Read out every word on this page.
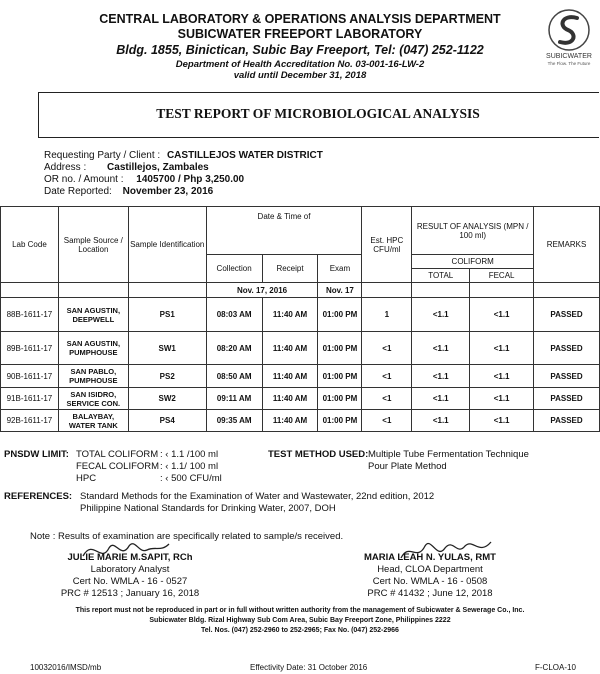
CENTRAL LABORATORY & OPERATIONS ANALYSIS DEPARTMENT
SUBICWATER FREEPORT LABORATORY
Bldg. 1855, Binictican, Subic Bay Freeport, Tel: (047) 252-1122
Department of Health Accreditation No. 03-001-16-LW-2
valid until December 31, 2018
SUBICWATER
The Flow. The Future
TEST REPORT OF MICROBIOLOGICAL ANALYSIS
Requesting Party / Client : CASTILLEJOS WATER DISTRICT
Address : Castillejos, Zambales
OR no. / Amount : 1405700 / Php 3,250.00
Date Reported: November 23, 2016
Lab Code	Sample Source / Location	Sample Identification	Date & Time of			Est. HPC CFU/ml	RESULT OF ANALYSIS (MPN / 100 ml)		REMARKS
			Collection	Receipt	Exam		COLIFORM		
							TOTAL	FECAL	
			Nov. 17, 2016		Nov. 17				
88B-1611-17	SAN AGUSTIN, DEEPWELL	PS1	08:03 AM	11:40 AM	01:00 PM	1	<1.1	<1.1	PASSED
89B-1611-17	SAN AGUSTIN, PUMPHOUSE	SW1	08:20 AM	11:40 AM	01:00 PM	<1	<1.1	<1.1	PASSED
90B-1611-17	SAN PABLO, PUMPHOUSE	PS2	08:50 AM	11:40 AM	01:00 PM	<1	<1.1	<1.1	PASSED
91B-1611-17	SAN ISIDRO, SERVICE CON.	SW2	09:11 AM	11:40 AM	01:00 PM	<1	<1.1	<1.1	PASSED
92B-1611-17	BALAYBAY, WATER TANK	PS4	09:35 AM	11:40 AM	01:00 PM	<1	<1.1	<1.1	PASSED
PNSDW LIMIT: TOTAL COLIFORM : ‹ 1.1 /100 ml
FECAL COLIFORM : ‹ 1.1/ 100 ml
HPC	: ‹ 500 CFU/ml
TEST METHOD USED: Multiple Tube Fermentation Technique
Pour Plate Method
REFERENCES: Standard Methods for the Examination of Water and Wastewater, 22nd edition, 2012
Philippine National Standards for Drinking Water, 2007, DOH
Note : Results of examination are specifically related to sample/s received.
JULIE MARIE M.SAPIT, RCh
Laboratory Analyst
Cert No. WMLA - 16 - 0527
PRC # 12513 ; January 16, 2018
MARIA LEAH N. YULAS, RMT
Head, CLOA Department
Cert No. WMLA - 16 - 0508
PRC # 41432 ; June 12, 2018
This report must not be reproduced in part or in full without written authority from the management of Subicwater & Sewerage Co., Inc.
Subicwater Bldg. Rizal Highway Sub Com Area, Subic Bay Freeport Zone, Philippines 2222
Tel. Nos. (047) 252-2960 to 252-2965; Fax No. (047) 252-2966
10032016/IMSD/mb	Effectivity Date: 31 October 2016	F-CLOA-10
